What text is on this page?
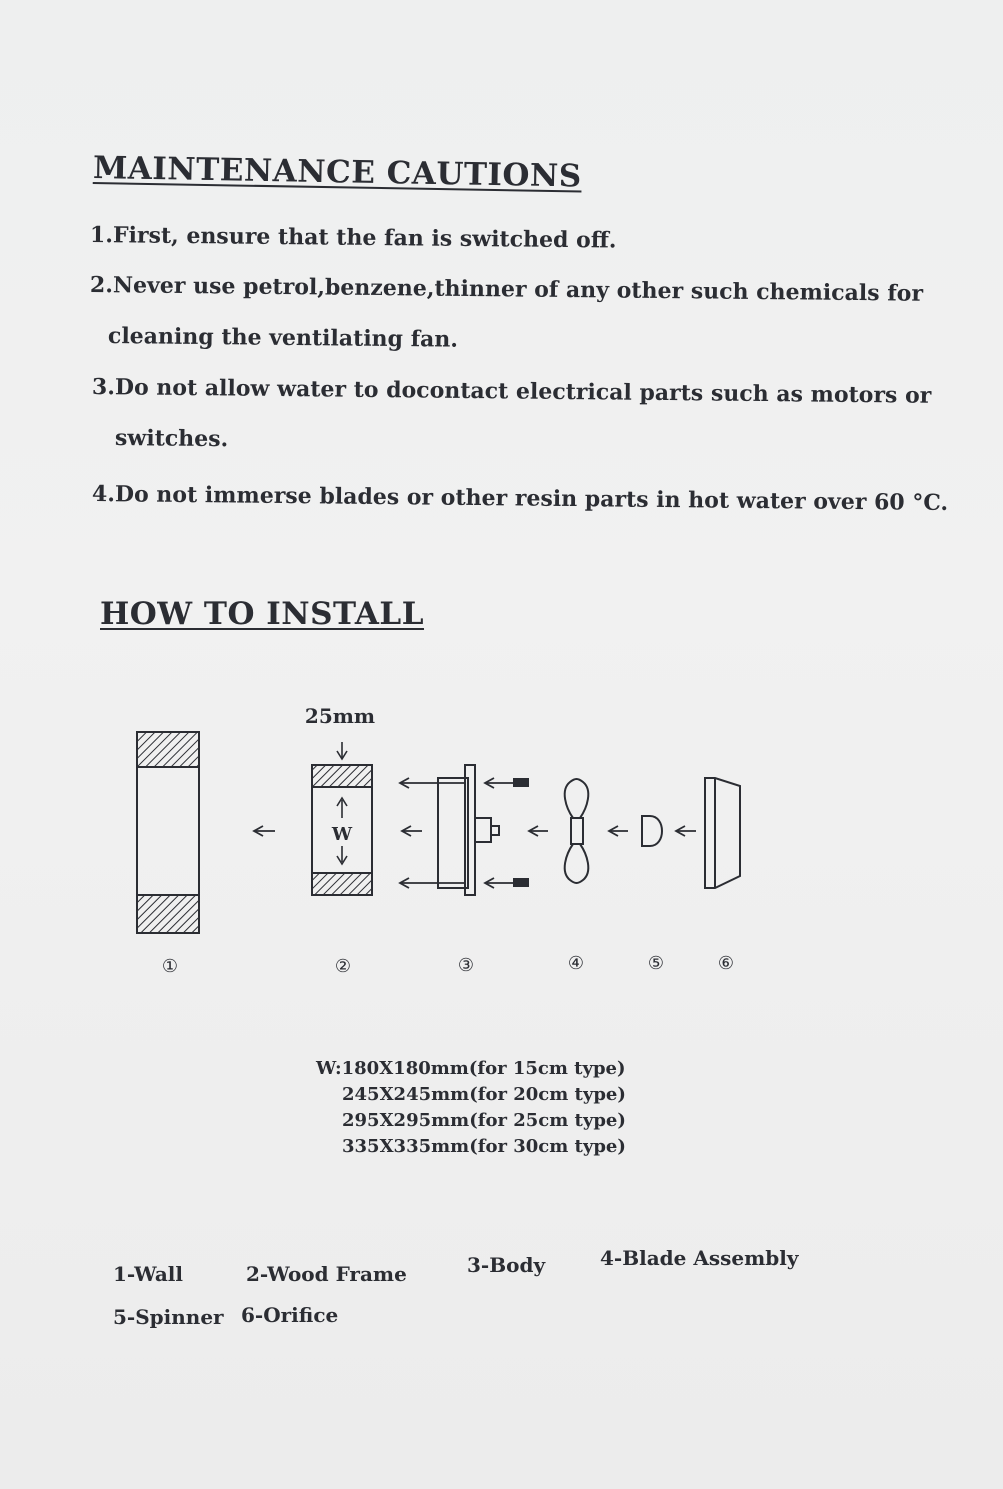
MAINTENANCE CAUTIONS
1.First, ensure that the fan is switched off.
2.Never use petrol,benzene,thinner of any other such chemicals for
cleaning the ventilating fan.
3.Do not allow water to docontact electrical parts such as motors or
switches.
4.Do not immerse blades or other resin parts in hot water over 60 °C.
HOW TO INSTALL
25mm
W
①	②	③	④	⑤	⑥
W:180X180mm(for 15cm type)
245X245mm(for 20cm type)
295X295mm(for 25cm type)
335X335mm(for 30cm type)
1-Wall	2-Wood Frame	3-Body	4-Blade Assembly
5-Spinner 6-Orifice
